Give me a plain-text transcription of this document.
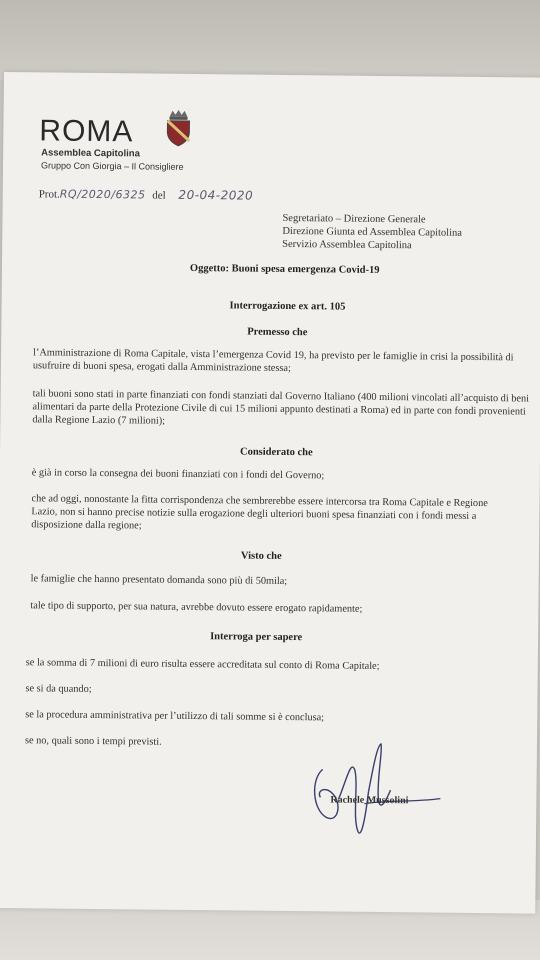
ROMA
Assemblea Capitolina
Gruppo Con Giorgia – Il Consigliere
Prot.RQ/2020/6325 del 20-04-2020
Segretariato – Direzione Generale
Direzione Giunta ed Assemblea Capitolina
Servizio Assemblea Capitolina
Oggetto: Buoni spesa emergenza Covid-19
Interrogazione ex art. 105
Premesso che
l’Amministrazione di Roma Capitale, vista l’emergenza Covid 19, ha previsto per le famiglie in crisi la possibilità di usufruire di buoni spesa, erogati dalla Amministrazione stessa;
tali buoni sono stati in parte finanziati con fondi stanziati dal Governo Italiano (400 milioni vincolati all’acquisto di beni alimentari da parte della Protezione Civile di cui 15 milioni appunto destinati a Roma) ed in parte con fondi provenienti dalla Regione Lazio (7 milioni);
Considerato che
è già in corso la consegna dei buoni finanziati con i fondi del Governo;
che ad oggi, nonostante la fitta corrispondenza che sembrerebbe essere intercorsa tra Roma Capitale e Regione Lazio, non si hanno precise notizie sulla erogazione degli ulteriori buoni spesa finanziati con i fondi messi a disposizione dalla regione;
Visto che
le famiglie che hanno presentato domanda sono più di 50mila;
tale tipo di supporto, per sua natura, avrebbe dovuto essere erogato rapidamente;
Interroga per sapere
se la somma di 7 milioni di euro risulta essere accreditata sul conto di Roma Capitale;
se si da quando;
se la procedura amministrativa per l’utilizzo di tali somme si è conclusa;
se no, quali sono i tempi previsti.
Rachele Mussolini
